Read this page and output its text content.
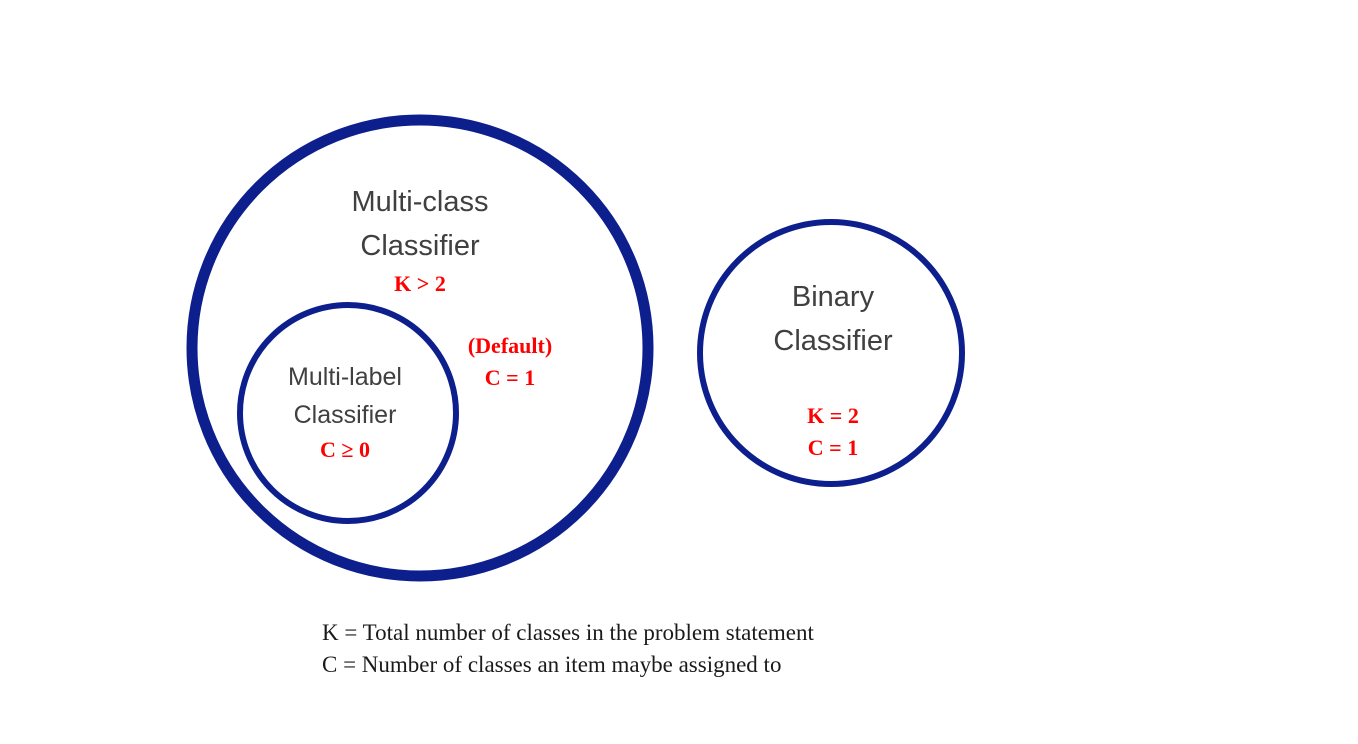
Multi-class
Classifier
K > 2
(Default)
C = 1
Multi-label
Classifier
C ≥ 0
Binary
Classifier
K = 2
C = 1
K = Total number of classes in the problem statement
C = Number of classes an item maybe assigned to
